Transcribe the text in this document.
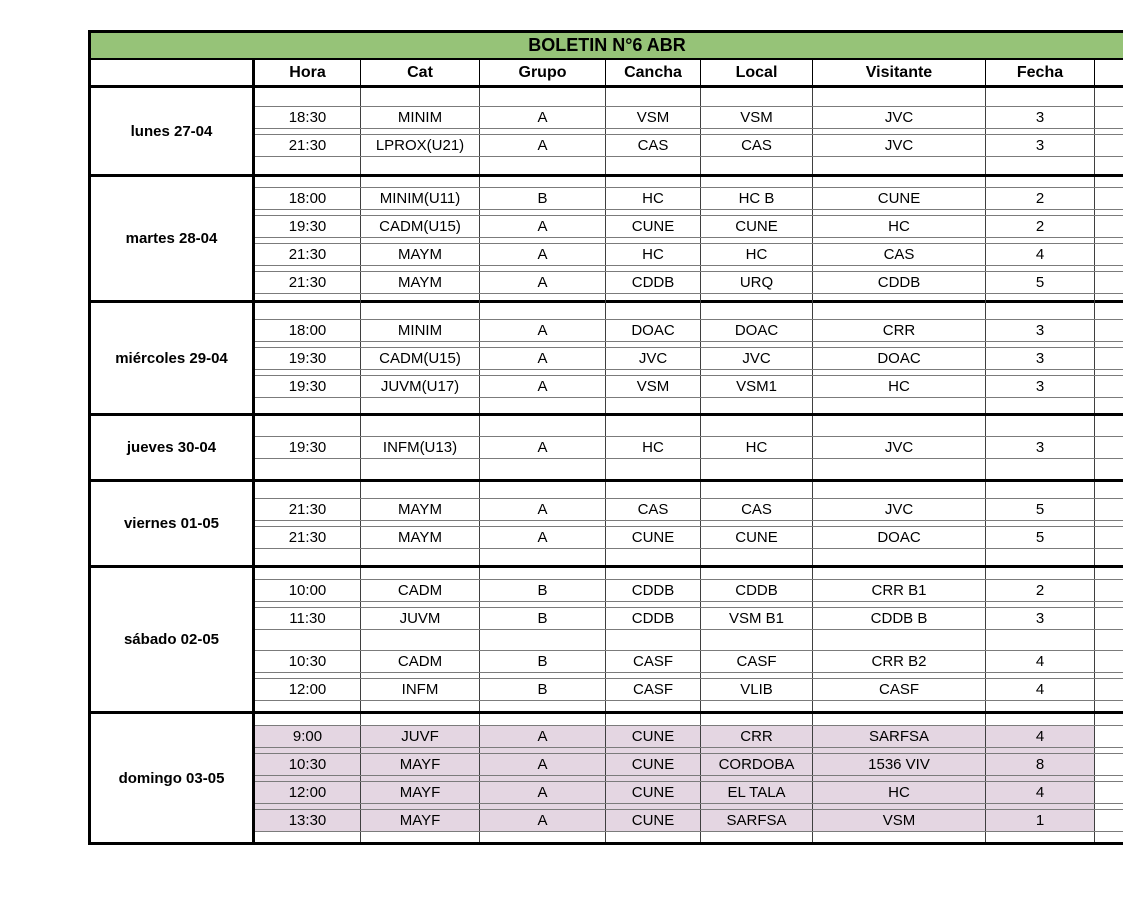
BOLETIN N°6 ABR
Hora	Cat	Grupo	Cancha	Local	Visitante	Fecha
lunes 27-04
18:30	MINIM	A	VSM	VSM	JVC	3
21:30	LPROX(U21)	A	CAS	CAS	JVC	3
martes 28-04
18:00	MINIM(U11)	B	HC	HC B	CUNE	2
19:30	CADM(U15)	A	CUNE	CUNE	HC	2
21:30	MAYM	A	HC	HC	CAS	4
21:30	MAYM	A	CDDB	URQ	CDDB	5
miércoles 29-04
18:00	MINIM	A	DOAC	DOAC	CRR	3
19:30	CADM(U15)	A	JVC	JVC	DOAC	3
19:30	JUVM(U17)	A	VSM	VSM1	HC	3
jueves 30-04	19:30	INFM(U13)	A	HC	HC	JVC	3
viernes 01-05
21:30	MAYM	A	CAS	CAS	JVC	5
21:30	MAYM	A	CUNE	CUNE	DOAC	5
sábado 02-05
10:00	CADM	B	CDDB	CDDB	CRR B1	2
11:30	JUVM	B	CDDB	VSM B1	CDDB B	3
10:30	CADM	B	CASF	CASF	CRR B2	4
12:00	INFM	B	CASF	VLIB	CASF	4
domingo 03-05
9:00	JUVF	A	CUNE	CRR	SARFSA	4
10:30	MAYF	A	CUNE	CORDOBA	1536 VIV	8
12:00	MAYF	A	CUNE	EL TALA	HC	4
13:30	MAYF	A	CUNE	SARFSA	VSM	1
